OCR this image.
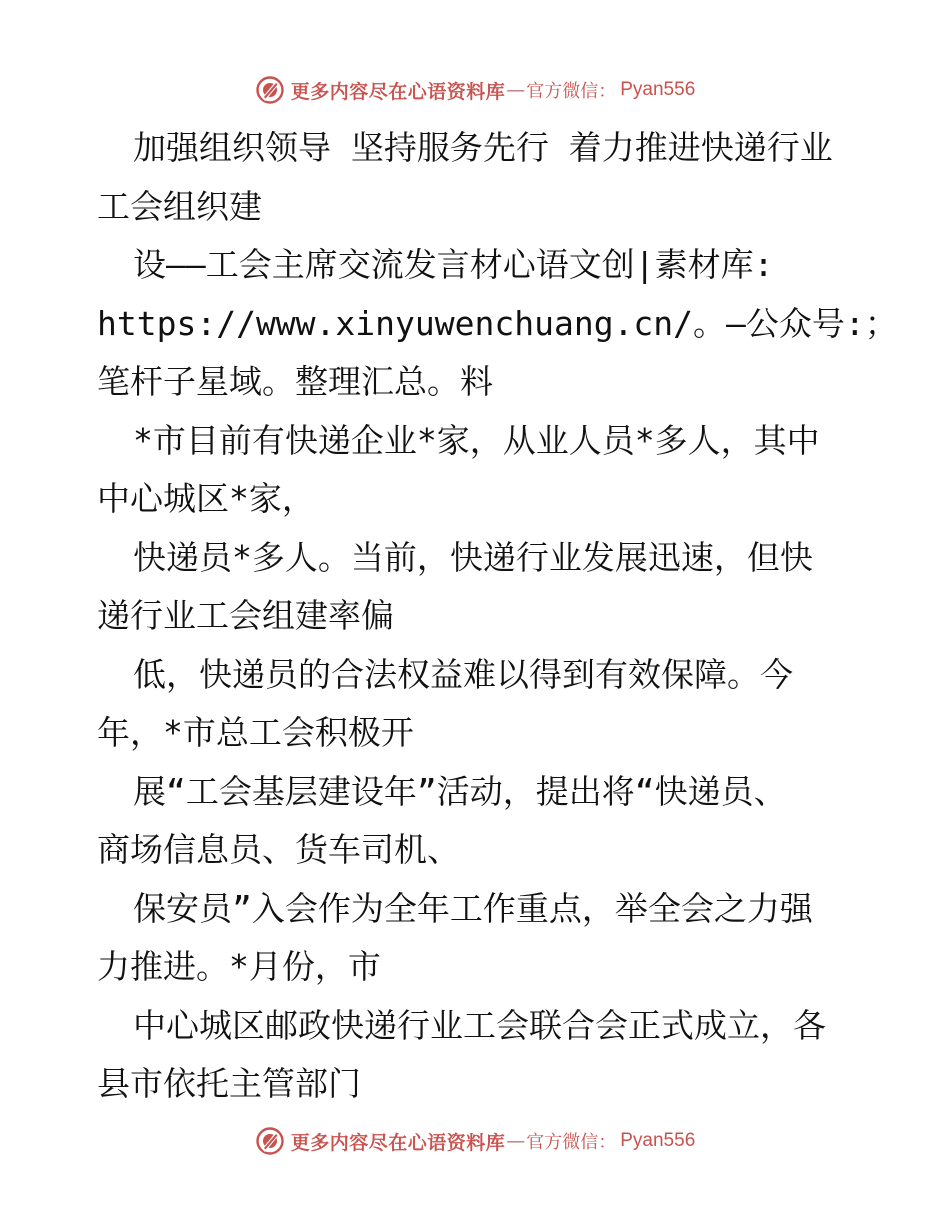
更多内容尽在心语资料库 — 官方微信： Pyan556

加强组织领导 坚持服务先行 着力推进快递行业

工会组织建

设——工会主席交流发言材心语文创|素材库:

https://www.xinyuwenchuang.cn/。—公众号:；

笔杆子星域。整理汇总。料

*市目前有快递企业*家，从业人员*多人，其中

中心城区*家，

快递员*多人。当前，快递行业发展迅速，但快

递行业工会组建率偏

低，快递员的合法权益难以得到有效保障。今

年，*市总工会积极开

展“工会基层建设年”活动，提出将“快递员、

商场信息员、货车司机、

保安员”入会作为全年工作重点，举全会之力强

力推进。*月份，市

中心城区邮政快递行业工会联合会正式成立，各

县市依托主管部门

更多内容尽在心语资料库 — 官方微信： Pyan556
